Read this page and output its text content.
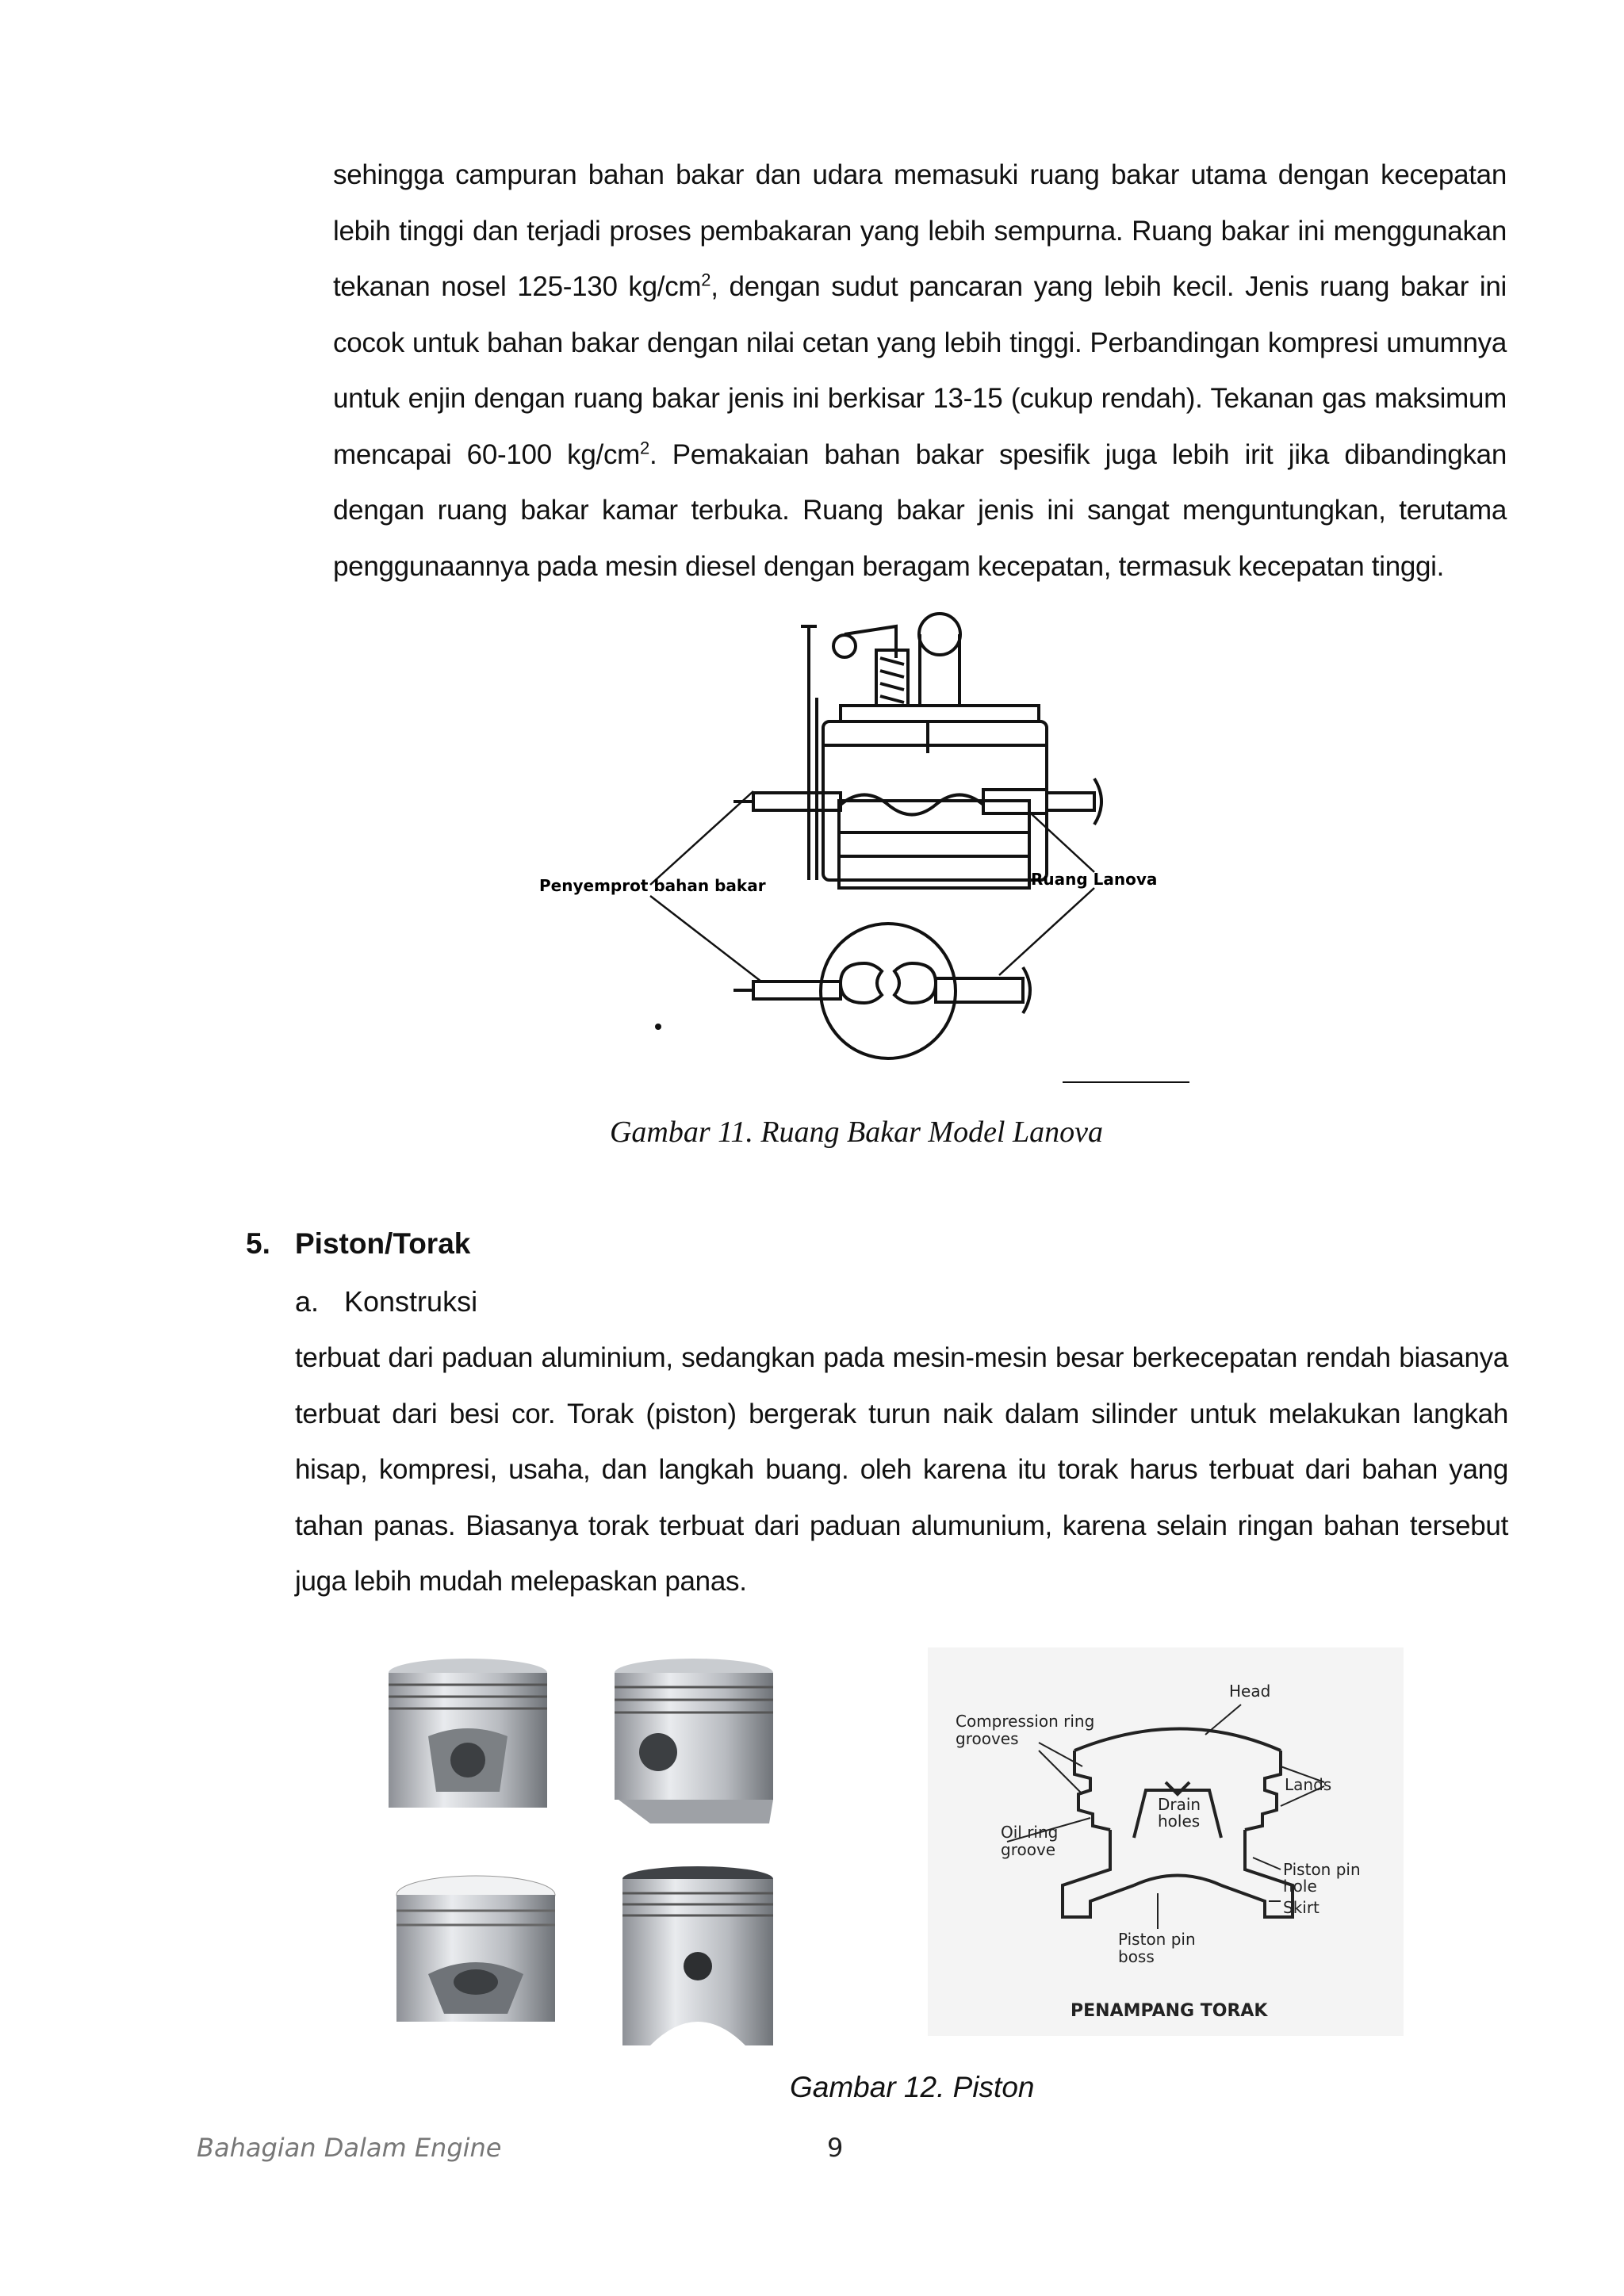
sehingga campuran bahan bakar dan udara memasuki ruang bakar utama dengan kecepatan lebih tinggi dan terjadi proses pembakaran yang lebih sempurna. Ruang bakar ini menggunakan tekanan nosel 125-130 $kg/cm^2$, dengan sudut pancaran yang lebih kecil. Jenis ruang bakar ini cocok untuk bahan bakar dengan nilai cetan yang lebih tinggi. Perbandingan kompresi umumnya untuk enjin dengan ruang bakar jenis ini berkisar 13-15 (cukup rendah). Tekanan gas maksimum mencapai 60-100 $kg/cm^2$. Pemakaian bahan bakar spesifik juga lebih irit jika dibandingkan dengan ruang bakar kamar terbuka. Ruang bakar jenis ini sangat menguntungkan, terutama penggunaannya pada mesin diesel dengan beragam kecepatan, termasuk kecepatan tinggi.

Penyemprot bahan bakar	Ruang Lanova
Gambar 11. Ruang Bakar Model Lanova
5. Piston/Torak
a. Konstruksi

terbuat dari paduan aluminium, sedangkan pada mesin-mesin besar berkecepatan rendah biasanya terbuat dari besi cor. Torak (piston) bergerak turun naik dalam silinder untuk melakukan langkah hisap, kompresi, usaha, dan langkah buang. oleh karena itu torak harus terbuat dari bahan yang tahan panas. Biasanya torak terbuat dari paduan alumunium, karena selain ringan bahan tersebut juga lebih mudah melepaskan panas.

Head
Compression ring
grooves
Lands
Drain
holes
Oil ring
groove
Piston pin
hole
Skirt
Piston pin
boss
PENAMPANG TORAK
Gambar 12. Piston
Bahagian Dalam Engine	9
